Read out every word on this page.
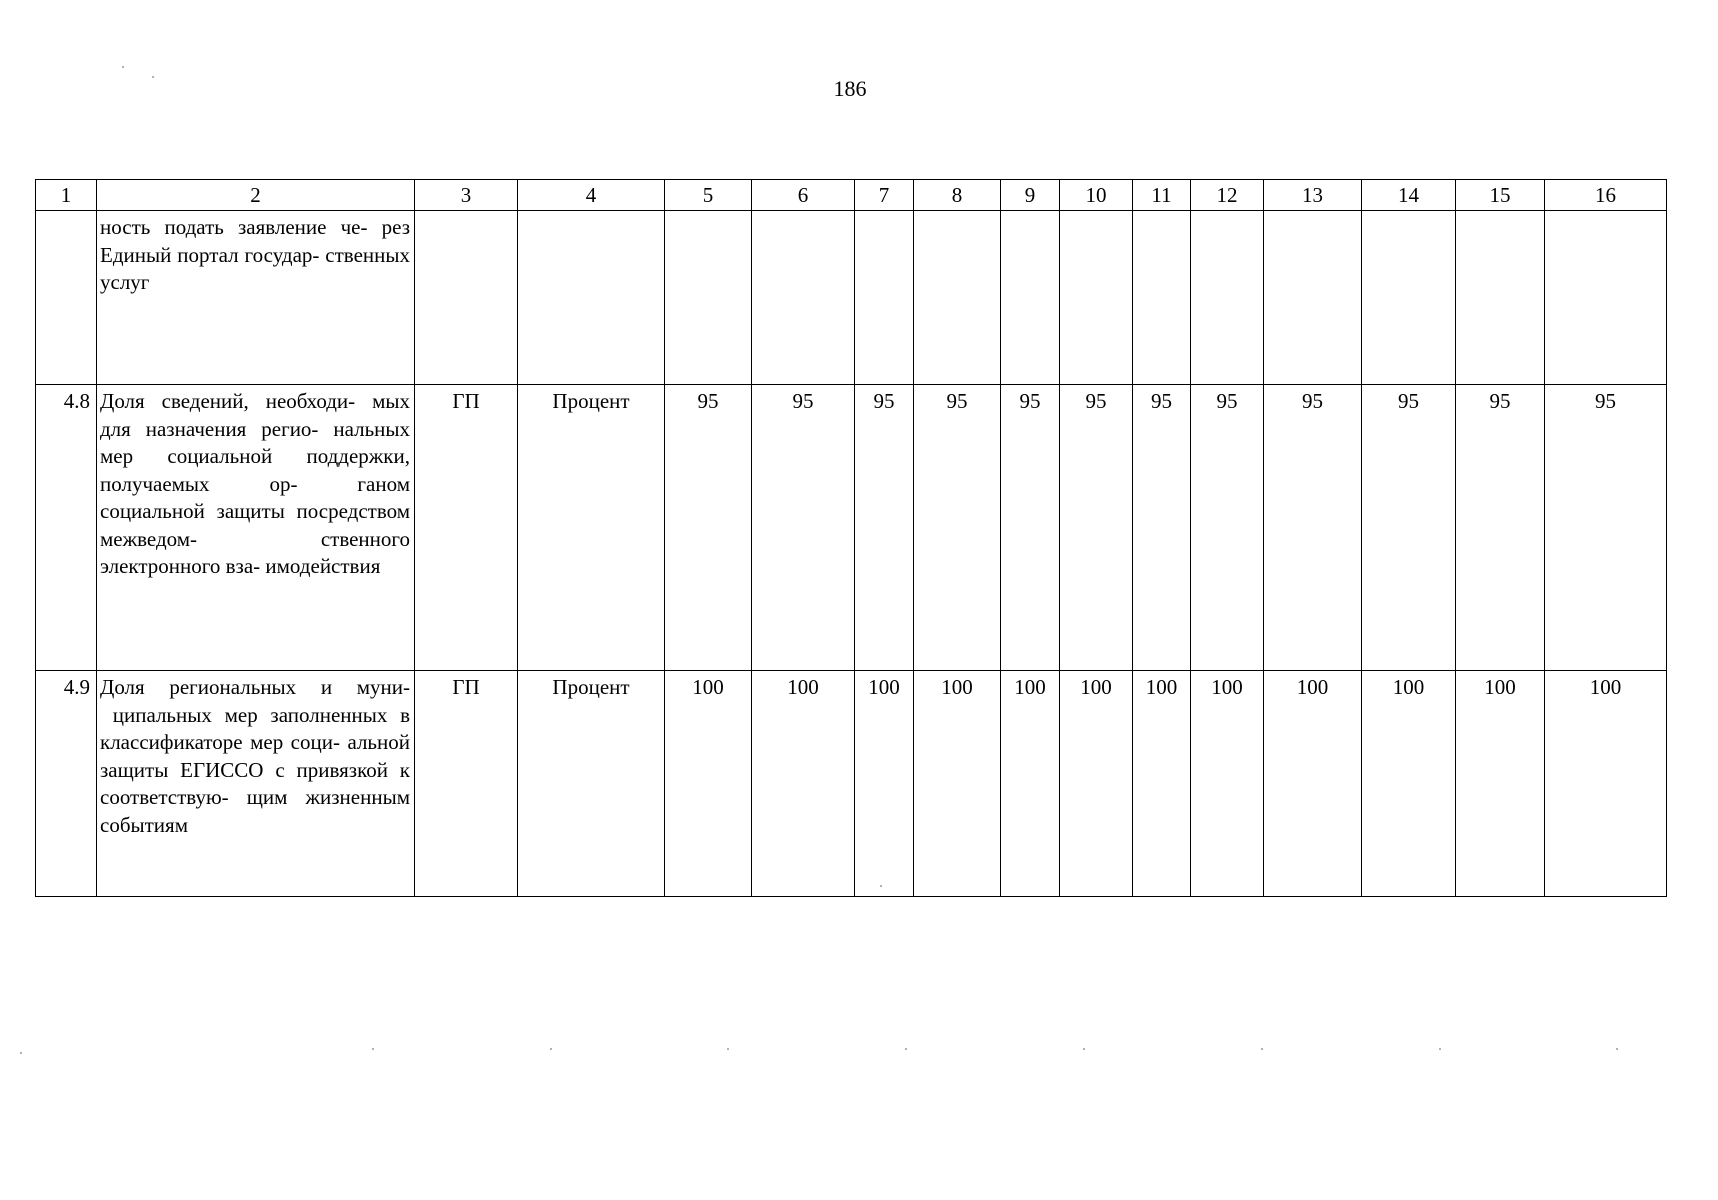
186
1	2	3	4	5	6	7	8	9	10	11	12	13	14	15	16
	ность подать заявление че- рез Единый портал государ- ственных услуг														
4.8	Доля сведений, необходи- мых для назначения регио- нальных мер социальной поддержки, получаемых ор- ганом социальной защиты посредством межведом- ственного электронного вза- имодействия	ГП	Процент	95	95	95	95	95	95	95	95	95	95	95	95
4.9	Доля региональных и муни- ципальных мер заполненных в классификаторе мер соци- альной защиты ЕГИССО с привязкой к соответствую- щим жизненным событиям	ГП	Процент	100	100	100	100	100	100	100	100	100	100	100	100
